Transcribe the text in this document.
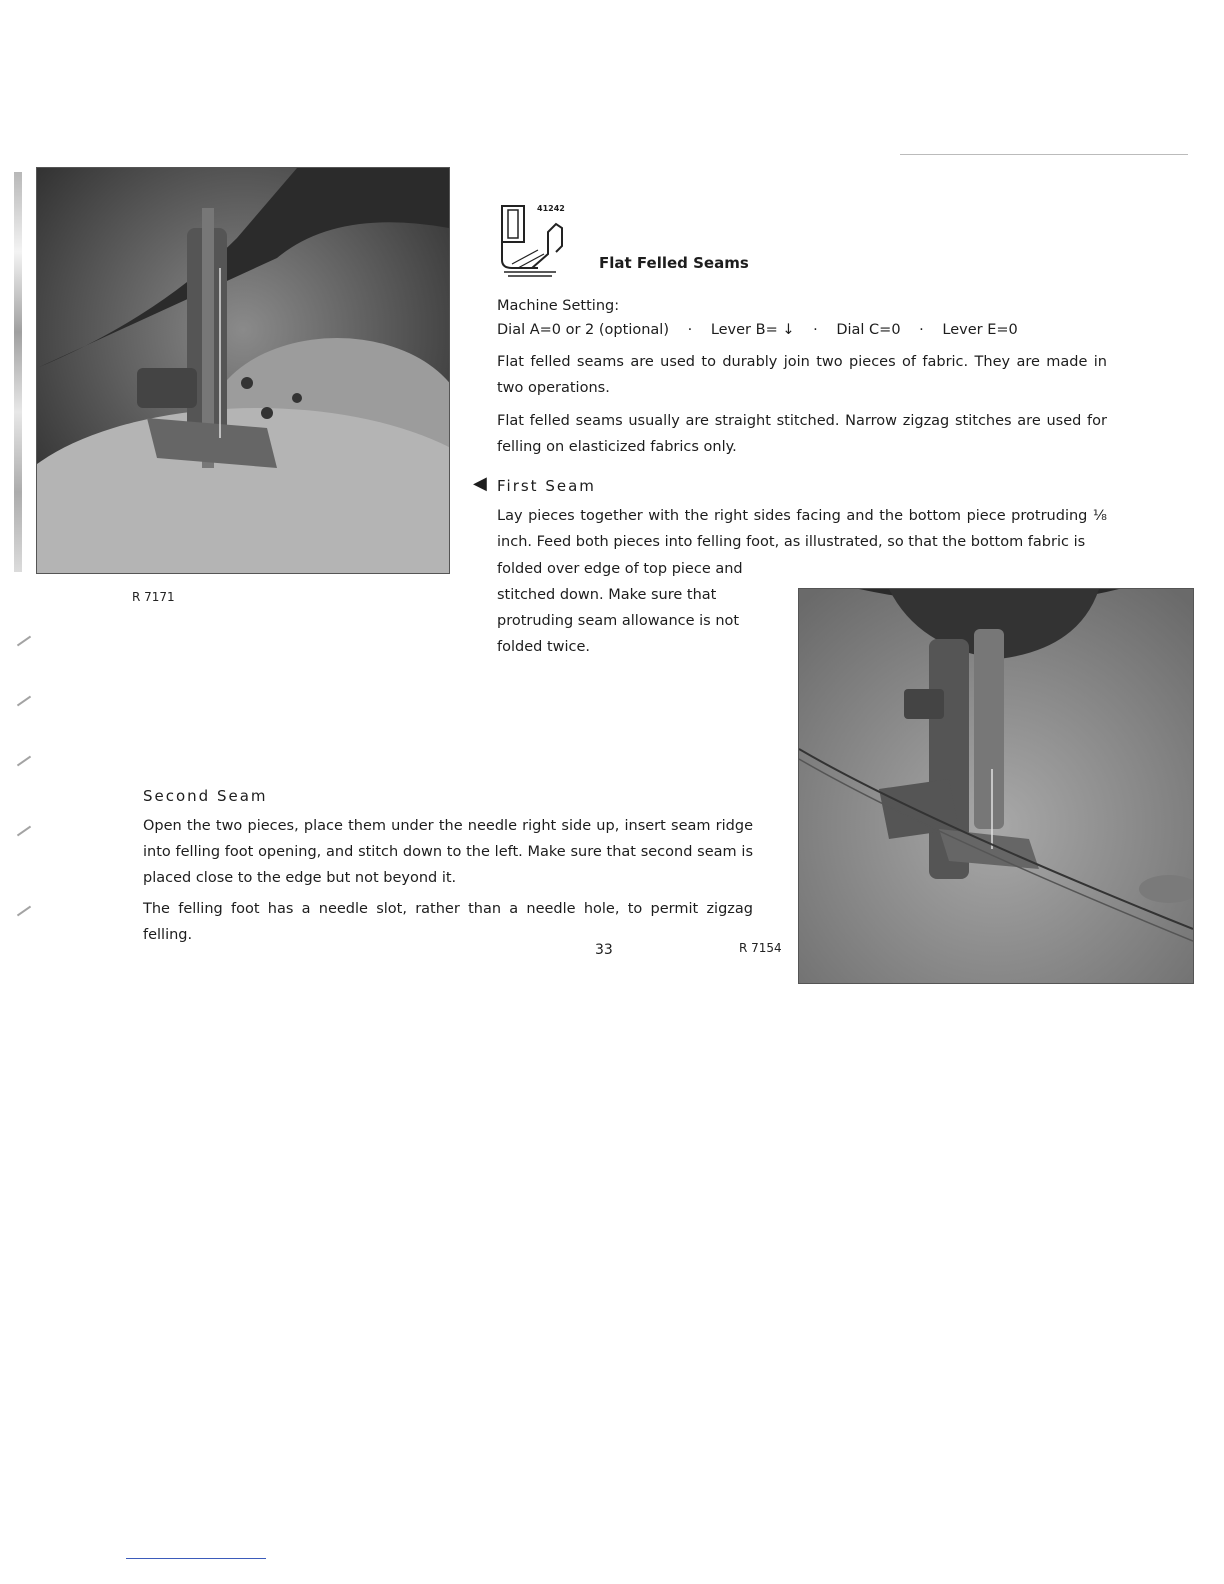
R 7171
41242
Flat Felled Seams
Machine Setting:
Dial A=0 or 2 (optional) · Lever B= ↓ · Dial C=0 · Lever E=0

Flat felled seams are used to durably join two pieces of fabric. They are made in two operations.

Flat felled seams usually are straight stitched. Narrow zigzag stitches are used for felling on elasticized fabrics only.

◀ First Seam

Lay pieces together with the right sides facing and the bottom piece protruding ⅛ inch. Feed both pieces into felling foot, as illustrated, so that the bottom fabric is

folded over edge of top piece and stitched down. Make sure that protruding seam allowance is not folded twice.

Second Seam

Open the two pieces, place them under the needle right side up, insert seam ridge into felling foot opening, and stitch down to the left. Make sure that second seam is placed close to the edge but not beyond it.

The felling foot has a needle slot, rather than a needle hole, to permit zigzag felling.

33	R 7154
